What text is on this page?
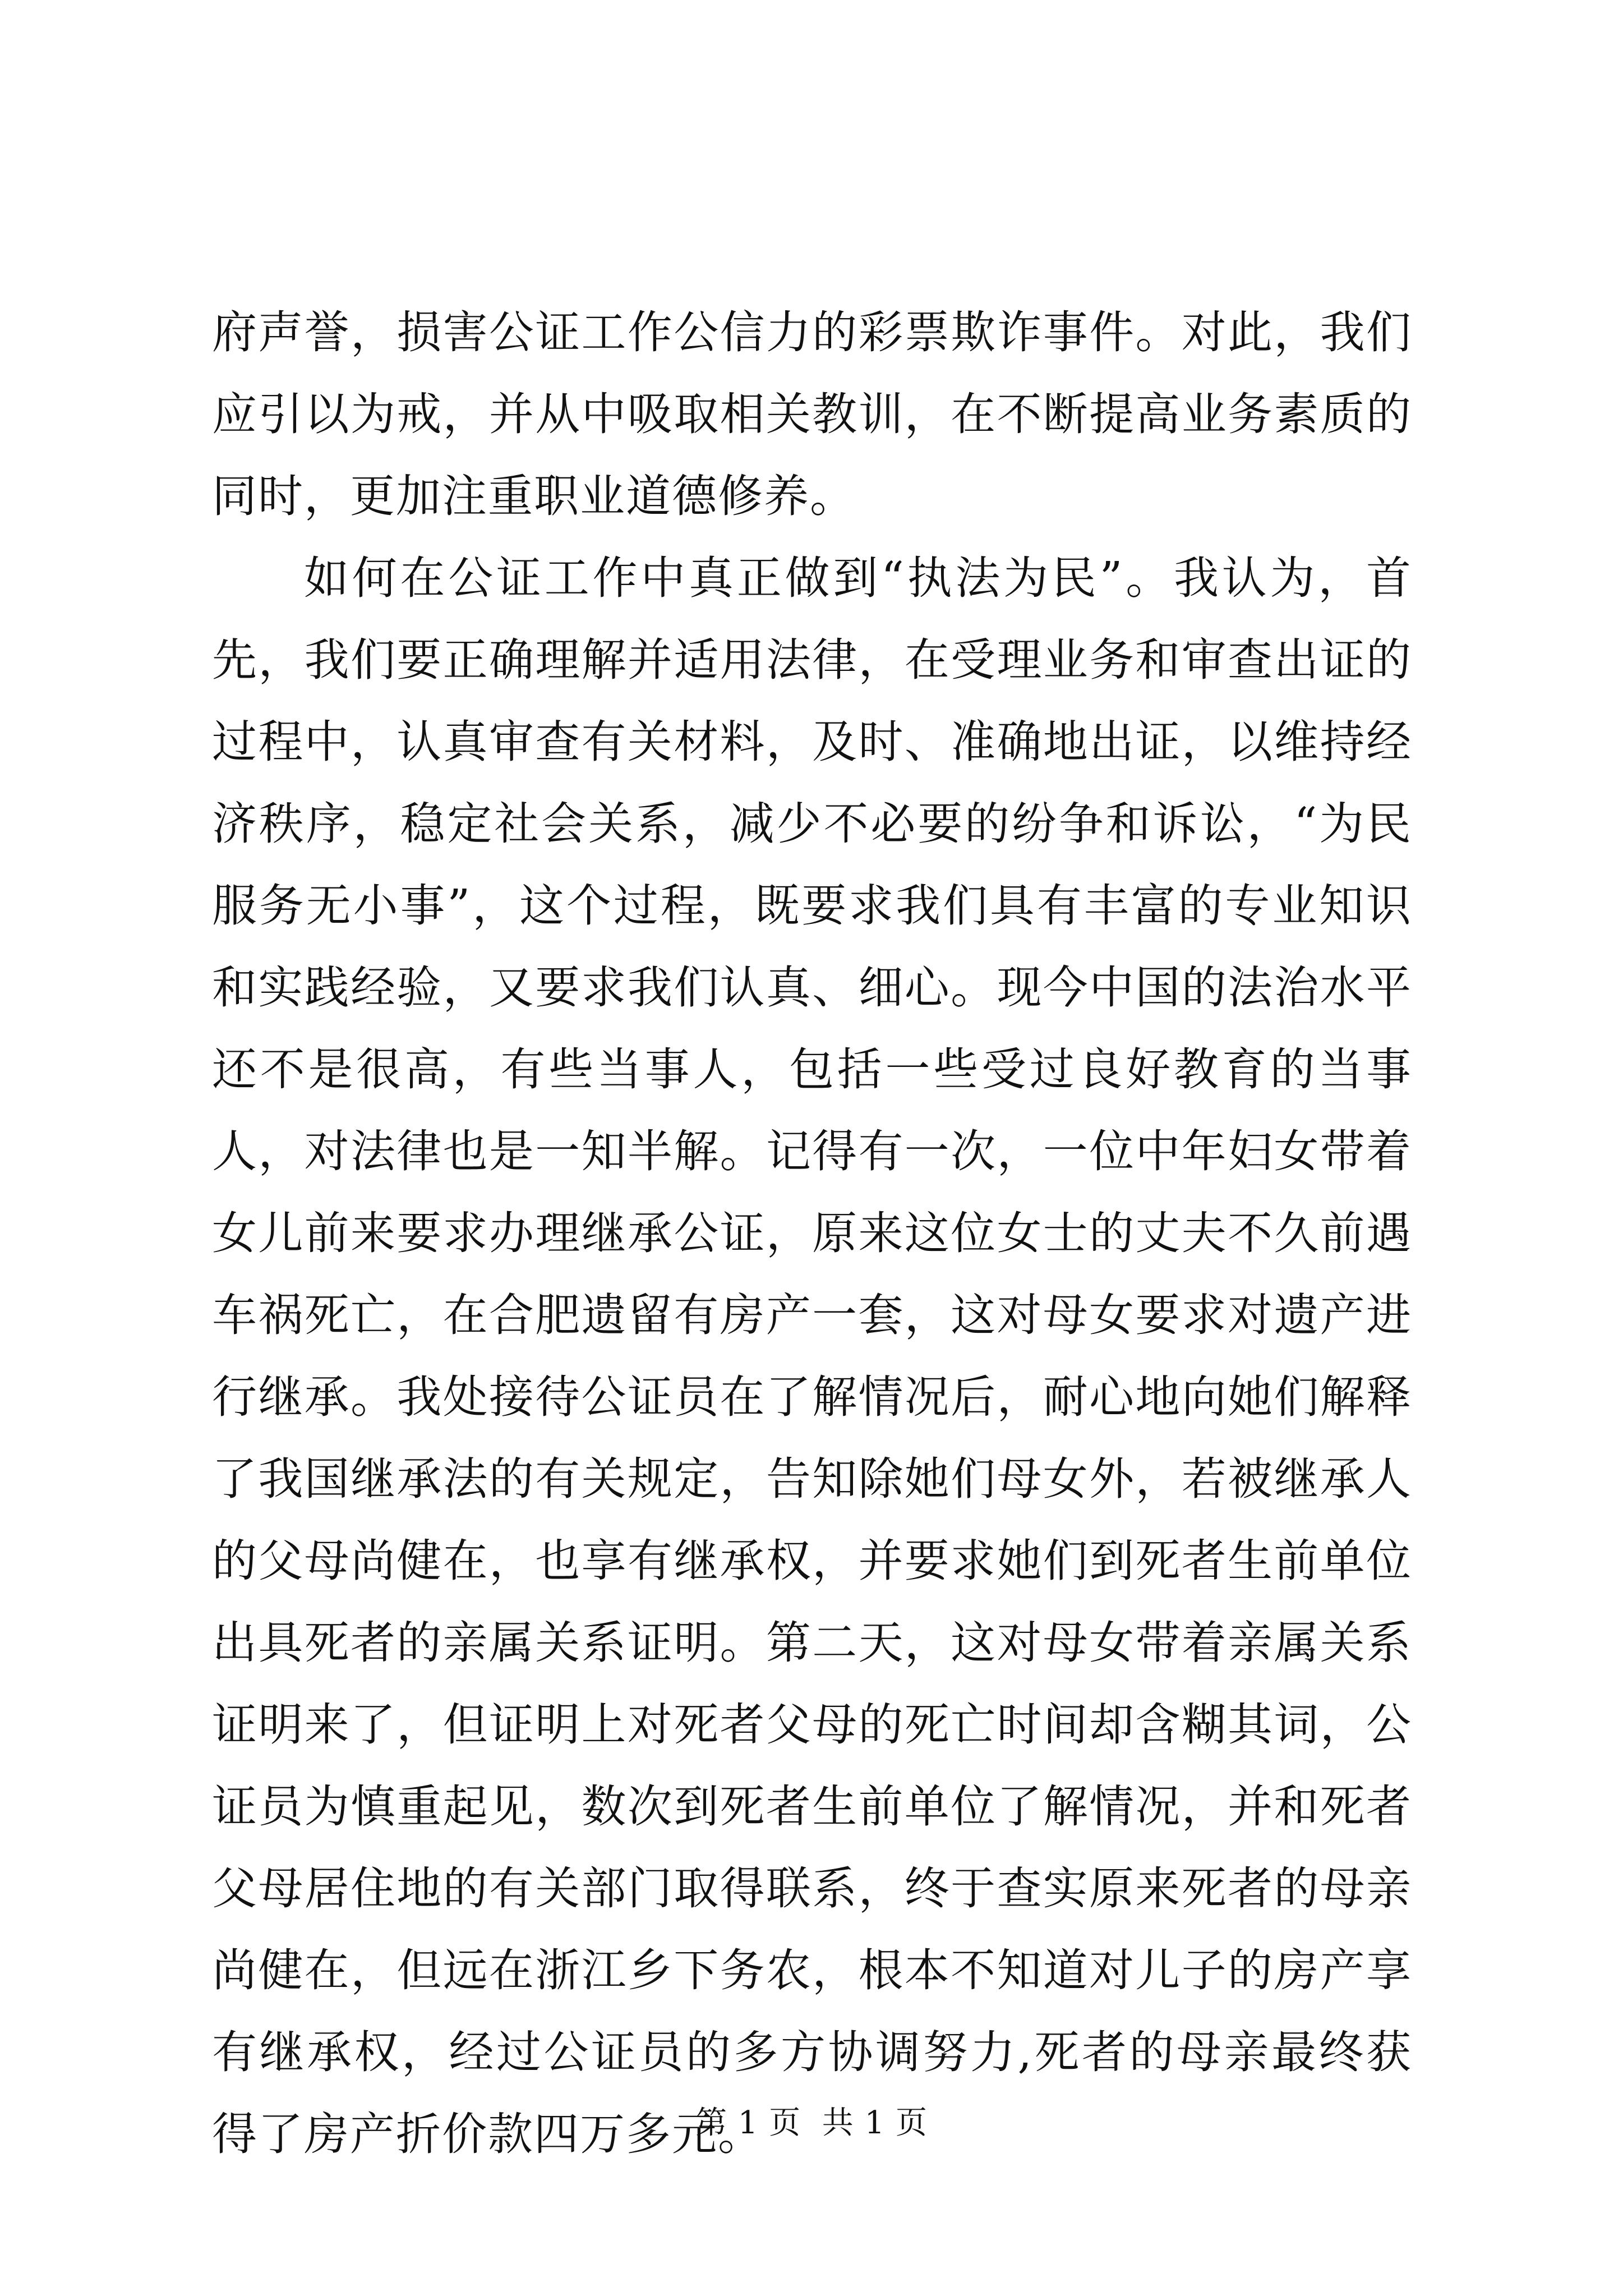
府声誉，损害公证工作公信力的彩票欺诈事件。对此，我们应引以为戒，并从中吸取相关教训，在不断提高业务素质的同时，更加注重职业道德修养。

如何在公证工作中真正做到“执法为民”。我认为，首先，我们要正确理解并适用法律，在受理业务和审查出证的过程中，认真审查有关材料，及时、准确地出证，以维持经济秩序，稳定社会关系，减少不必要的纷争和诉讼，“为民服务无小事”，这个过程，既要求我们具有丰富的专业知识和实践经验，又要求我们认真、细心。现今中国的法治水平还不是很高，有些当事人，包括一些受过良好教育的当事人，对法律也是一知半解。记得有一次，一位中年妇女带着女儿前来要求办理继承公证，原来这位女士的丈夫不久前遇车祸死亡，在合肥遗留有房产一套，这对母女要求对遗产进行继承。我处接待公证员在了解情况后，耐心地向她们解释了我国继承法的有关规定，告知除她们母女外，若被继承人的父母尚健在，也享有继承权，并要求她们到死者生前单位出具死者的亲属关系证明。第二天，这对母女带着亲属关系证明来了，但证明上对死者父母的死亡时间却含糊其词，公证员为慎重起见，数次到死者生前单位了解情况，并和死者父母居住地的有关部门取得联系，终于查实原来死者的母亲尚健在，但远在浙江乡下务农，根本不知道对儿子的房产享有继承权，经过公证员的多方协调努力,死者的母亲最终获得了房产折价款四万多元。

第 1 页  共 1 页
